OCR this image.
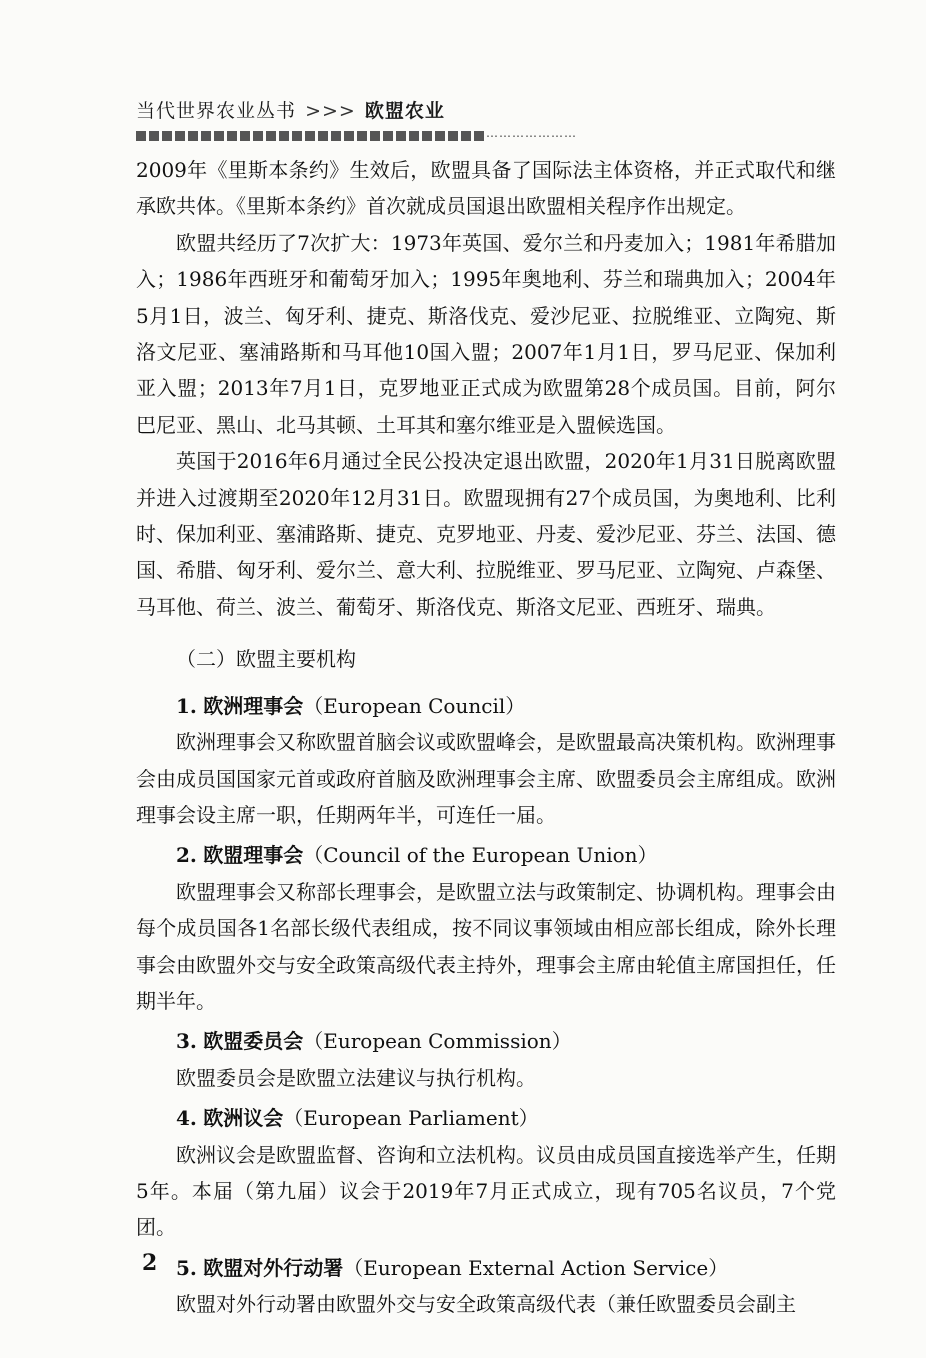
当代世界农业丛书 >>> 欧盟农业
…………………

2009年《里斯本条约》生效后，欧盟具备了国际法主体资格，并正式取代和继承欧共体。《里斯本条约》首次就成员国退出欧盟相关程序作出规定。

欧盟共经历了7次扩大：1973年英国、爱尔兰和丹麦加入；1981年希腊加入；1986年西班牙和葡萄牙加入；1995年奥地利、芬兰和瑞典加入；2004年5月1日，波兰、匈牙利、捷克、斯洛伐克、爱沙尼亚、拉脱维亚、立陶宛、斯洛文尼亚、塞浦路斯和马耳他10国入盟；2007年1月1日，罗马尼亚、保加利亚入盟；2013年7月1日，克罗地亚正式成为欧盟第28个成员国。目前，阿尔巴尼亚、黑山、北马其顿、土耳其和塞尔维亚是入盟候选国。

英国于2016年6月通过全民公投决定退出欧盟，2020年1月31日脱离欧盟并进入过渡期至2020年12月31日。欧盟现拥有27个成员国，为奥地利、比利时、保加利亚、塞浦路斯、捷克、克罗地亚、丹麦、爱沙尼亚、芬兰、法国、德国、希腊、匈牙利、爱尔兰、意大利、拉脱维亚、罗马尼亚、立陶宛、卢森堡、马耳他、荷兰、波兰、葡萄牙、斯洛伐克、斯洛文尼亚、西班牙、瑞典。

（二）欧盟主要机构

1. 欧洲理事会（European Council）

欧洲理事会又称欧盟首脑会议或欧盟峰会，是欧盟最高决策机构。欧洲理事会由成员国国家元首或政府首脑及欧洲理事会主席、欧盟委员会主席组成。欧洲理事会设主席一职，任期两年半，可连任一届。

2. 欧盟理事会（Council of the European Union）

欧盟理事会又称部长理事会，是欧盟立法与政策制定、协调机构。理事会由每个成员国各1名部长级代表组成，按不同议事领域由相应部长组成，除外长理事会由欧盟外交与安全政策高级代表主持外，理事会主席由轮值主席国担任，任期半年。

3. 欧盟委员会（European Commission）

欧盟委员会是欧盟立法建议与执行机构。

4. 欧洲议会（European Parliament）

欧洲议会是欧盟监督、咨询和立法机构。议员由成员国直接选举产生，任期5年。本届（第九届）议会于2019年7月正式成立，现有705名议员，7个党团。

5. 欧盟对外行动署（European External Action Service）

欧盟对外行动署由欧盟外交与安全政策高级代表（兼任欧盟委员会副主

2
